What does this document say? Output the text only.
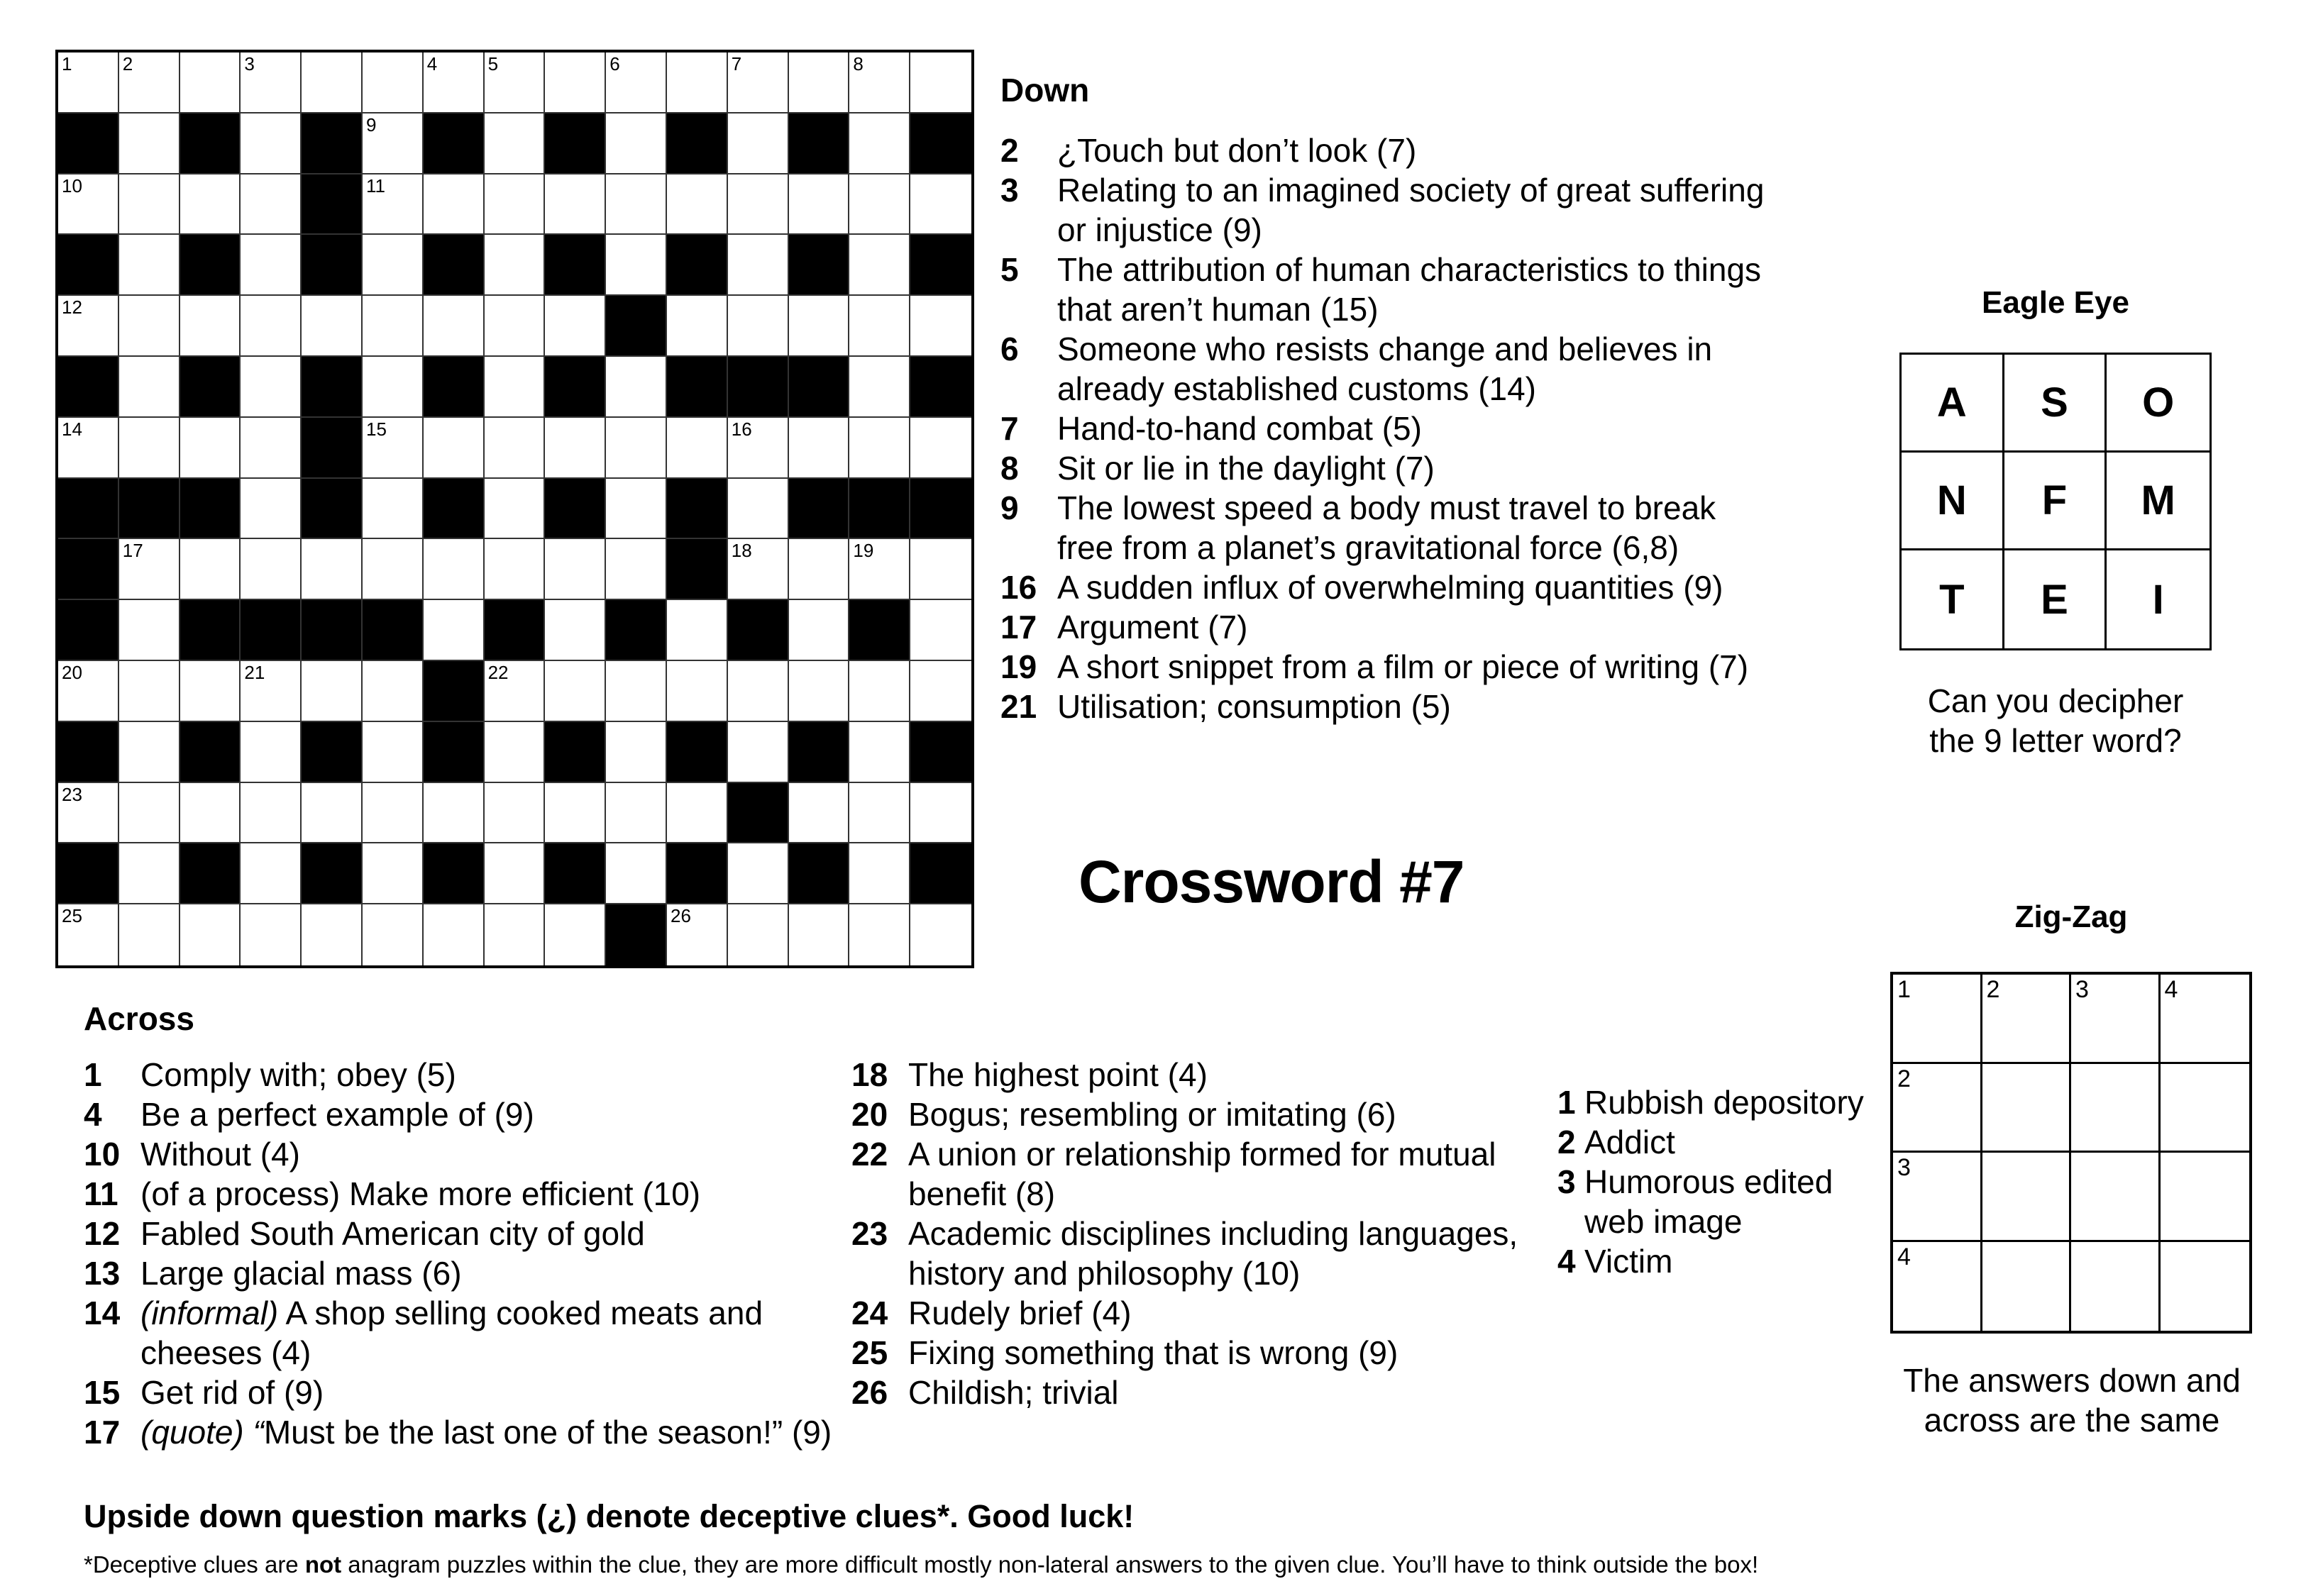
1	2	3	4	5	6	7	8
9
10	11
12	13
14	15	16
17	18	19
20	21	22
23	24
25	26
Down
2 ¿Touch but don’t look (7)
3 Relating to an imagined society of great suffering or injustice (9)
5 The attribution of human characteristics to things that aren’t human (15)
6 Someone who resists change and believes in already established customs (14)
7 Hand-to-hand combat (5)
8 Sit or lie in the daylight (7)
9 The lowest speed a body must travel to break free from a planet’s gravitational force (6,8)
16 A sudden influx of overwhelming quantities (9)
17 Argument (7)
19 A short snippet from a film or piece of writing (7)
21 Utilisation; consumption (5)
Crossword #7
Across
1 Comply with; obey (5)
4 Be a perfect example of (9)
10 Without (4)
11 (of a process) Make more efficient (10)
12 Fabled South American city of gold
13 Large glacial mass (6)
14 (informal) A shop selling cooked meats and cheeses (4)
15 Get rid of (9)
17 (quote) “Must be the last one of the season!” (9)
18 The highest point (4)
20 Bogus; resembling or imitating (6)
22 A union or relationship formed for mutual benefit (8)
23 Academic disciplines including languages, history and philosophy (10)
24 Rudely brief (4)
25 Fixing something that is wrong (9)
26 Childish; trivial
Eagle Eye
A	S	O
N	F	M
T	E	I
Can you decipher
the 9 letter word?
Zig-Zag
1 Rubbish depository
2 Addict
3 Humorous edited web image
4 Victim
1	2	3	4
2
3
4
The answers down and
across are the same
Upside down question marks (¿) denote deceptive clues*. Good luck!
*Deceptive clues are not anagram puzzles within the clue, they are more difficult mostly non-lateral answers to the given clue. You’ll have to think outside the box!
